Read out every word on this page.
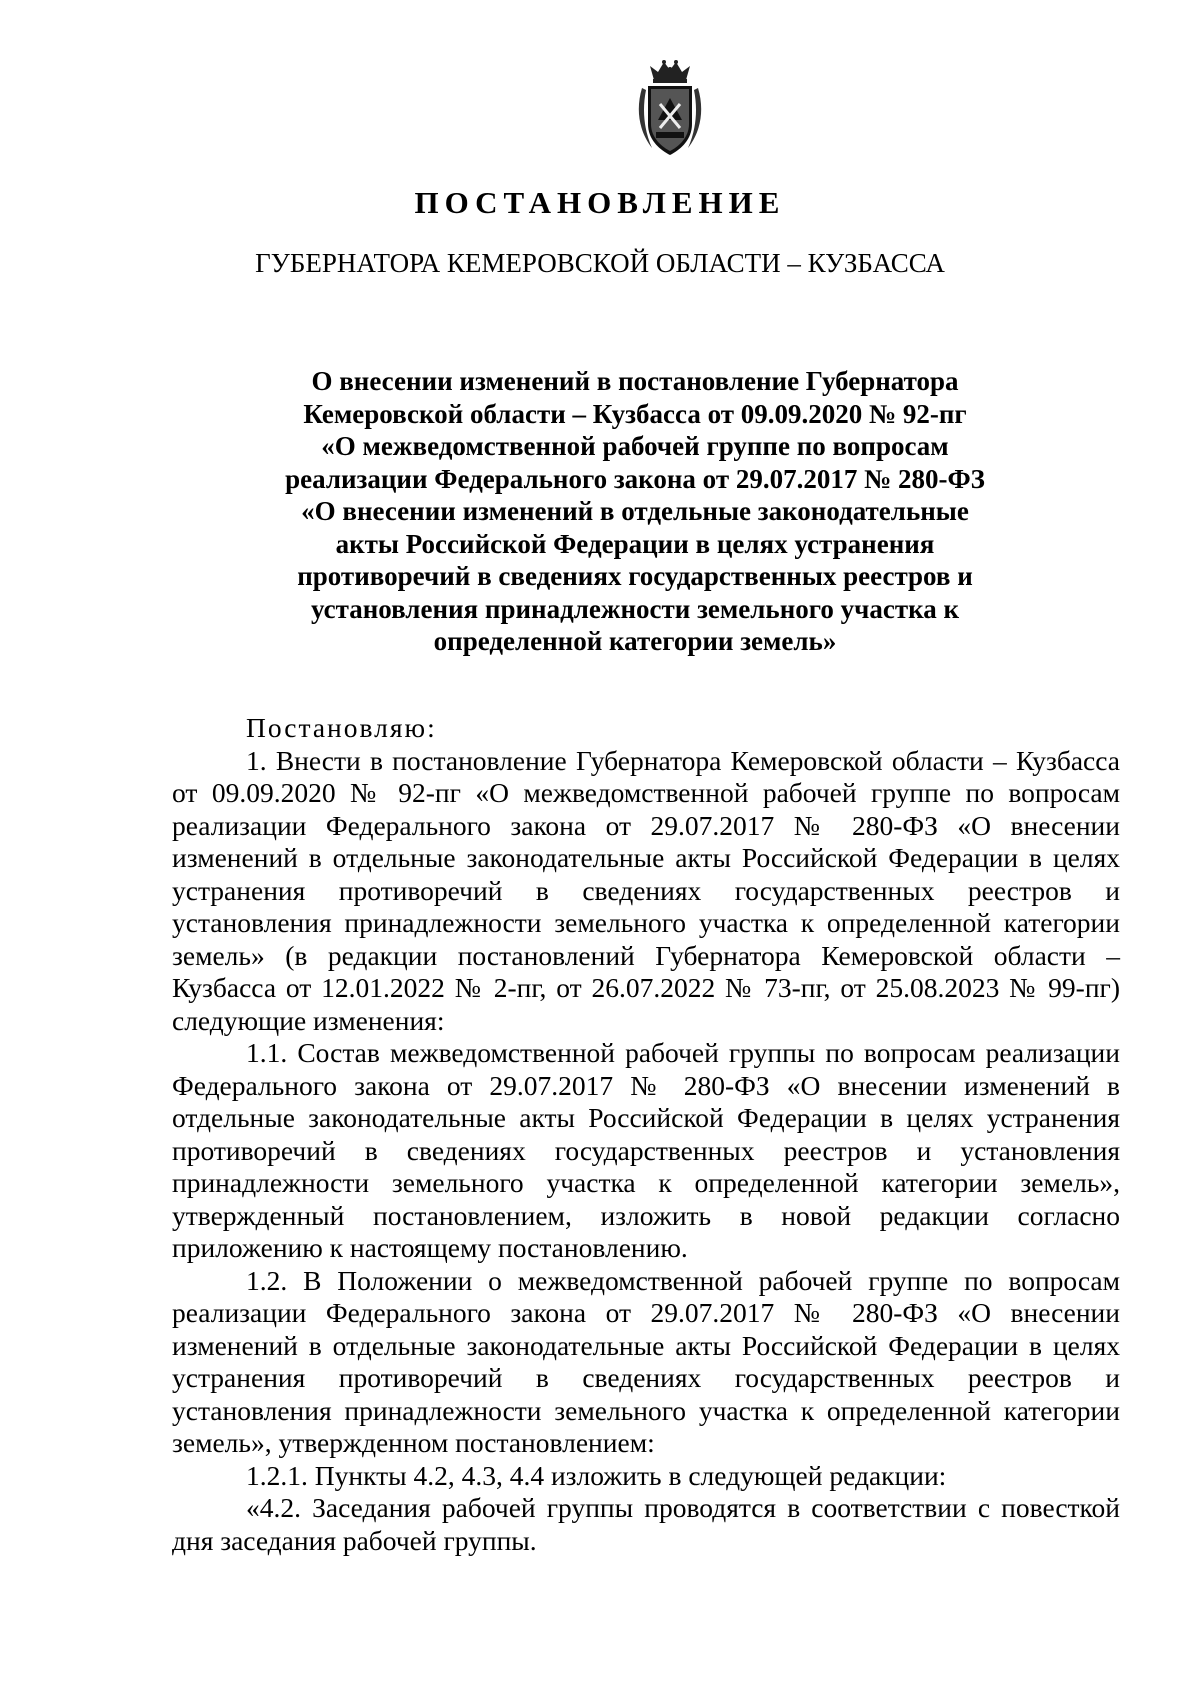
ПОСТАНОВЛЕНИЕ
ГУБЕРНАТОРА КЕМЕРОВСКОЙ ОБЛАСТИ – КУЗБАССА
О внесении изменений в постановление Губернатора
Кемеровской области – Кузбасса от 09.09.2020 № 92-пг
«О межведомственной рабочей группе по вопросам
реализации Федерального закона от 29.07.2017 № 280-ФЗ
«О внесении изменений в отдельные законодательные
акты Российской Федерации в целях устранения
противоречий в сведениях государственных реестров и
установления принадлежности земельного участка к
определенной категории земель»
Постановляю:

1. Внести в постановление Губернатора Кемеровской области – Кузбасса от 09.09.2020 № 92-пг «О межведомственной рабочей группе по вопросам реализации Федерального закона от 29.07.2017 № 280-ФЗ «О внесении изменений в отдельные законодательные акты Российской Федерации в целях устранения противоречий в сведениях государственных реестров и установления принадлежности земельного участка к определенной категории земель» (в редакции постановлений Губернатора Кемеровской области – Кузбасса от 12.01.2022 № 2-пг, от 26.07.2022 № 73-пг, от 25.08.2023 № 99-пг) следующие изменения:

1.1. Состав межведомственной рабочей группы по вопросам реализации Федерального закона от 29.07.2017 № 280-ФЗ «О внесении изменений в отдельные законодательные акты Российской Федерации в целях устранения противоречий в сведениях государственных реестров и установления принадлежности земельного участка к определенной категории земель», утвержденный постановлением, изложить в новой редакции согласно приложению к настоящему постановлению.

1.2. В Положении о межведомственной рабочей группе по вопросам реализации Федерального закона от 29.07.2017 № 280-ФЗ «О внесении изменений в отдельные законодательные акты Российской Федерации в целях устранения противоречий в сведениях государственных реестров и установления принадлежности земельного участка к определенной категории земель», утвержденном постановлением:

1.2.1. Пункты 4.2, 4.3, 4.4 изложить в следующей редакции:

«4.2. Заседания рабочей группы проводятся в соответствии с повесткой дня заседания рабочей группы.
